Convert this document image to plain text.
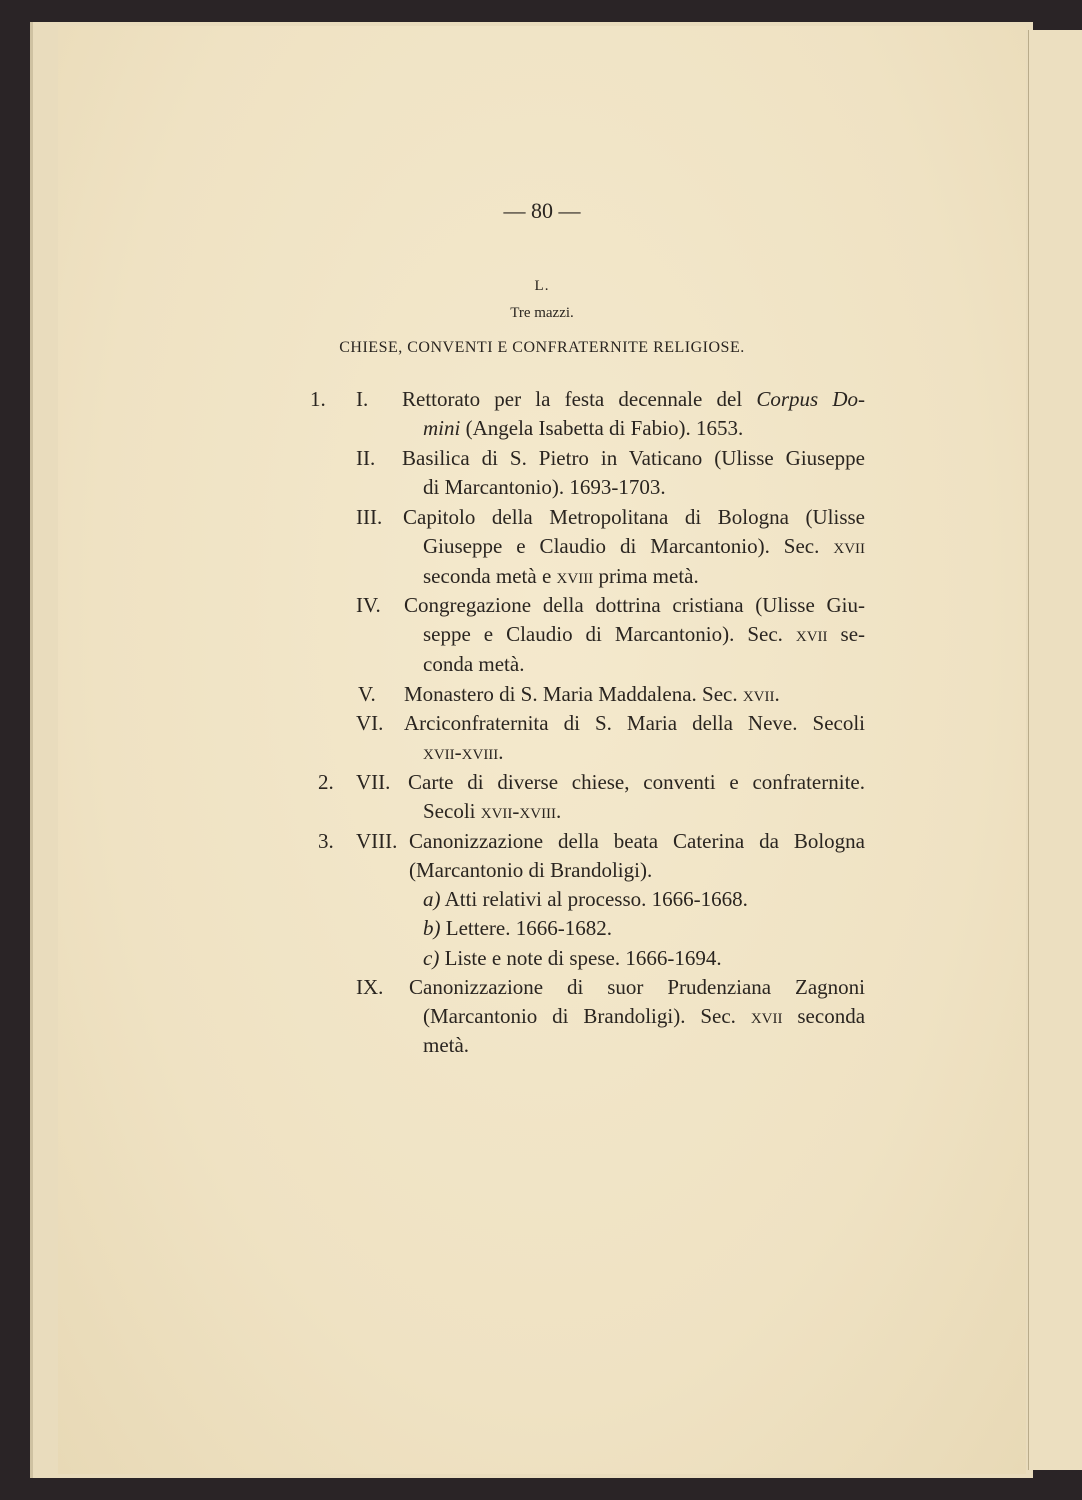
— 80 —
L.
Tre mazzi.
CHIESE, CONVENTI E CONFRATERNITE RELIGIOSE.
1. I. Rettorato per la festa decennale del Corpus Do-
mini (Angela Isabetta di Fabio). 1653.
II. Basilica di S. Pietro in Vaticano (Ulisse Giuseppe
di Marcantonio). 1693-1703.
III. Capitolo della Metropolitana di Bologna (Ulisse
Giuseppe e Claudio di Marcantonio). Sec. xvii
seconda metà e xviii prima metà.
IV. Congregazione della dottrina cristiana (Ulisse Giu-
seppe e Claudio di Marcantonio). Sec. xvii se-
conda metà.
V. Monastero di S. Maria Maddalena. Sec. xvii.
VI. Arciconfraternita di S. Maria della Neve. Secoli
xvii-xviii.
2. VII. Carte di diverse chiese, conventi e confraternite.
Secoli xvii-xviii.
3. VIII. Canonizzazione della beata Caterina da Bologna
(Marcantonio di Brandoligi).
a) Atti relativi al processo. 1666-1668.
b) Lettere. 1666-1682.
c) Liste e note di spese. 1666-1694.
IX. Canonizzazione di suor Prudenziana Zagnoni
(Marcantonio di Brandoligi). Sec. xvii seconda
metà.
